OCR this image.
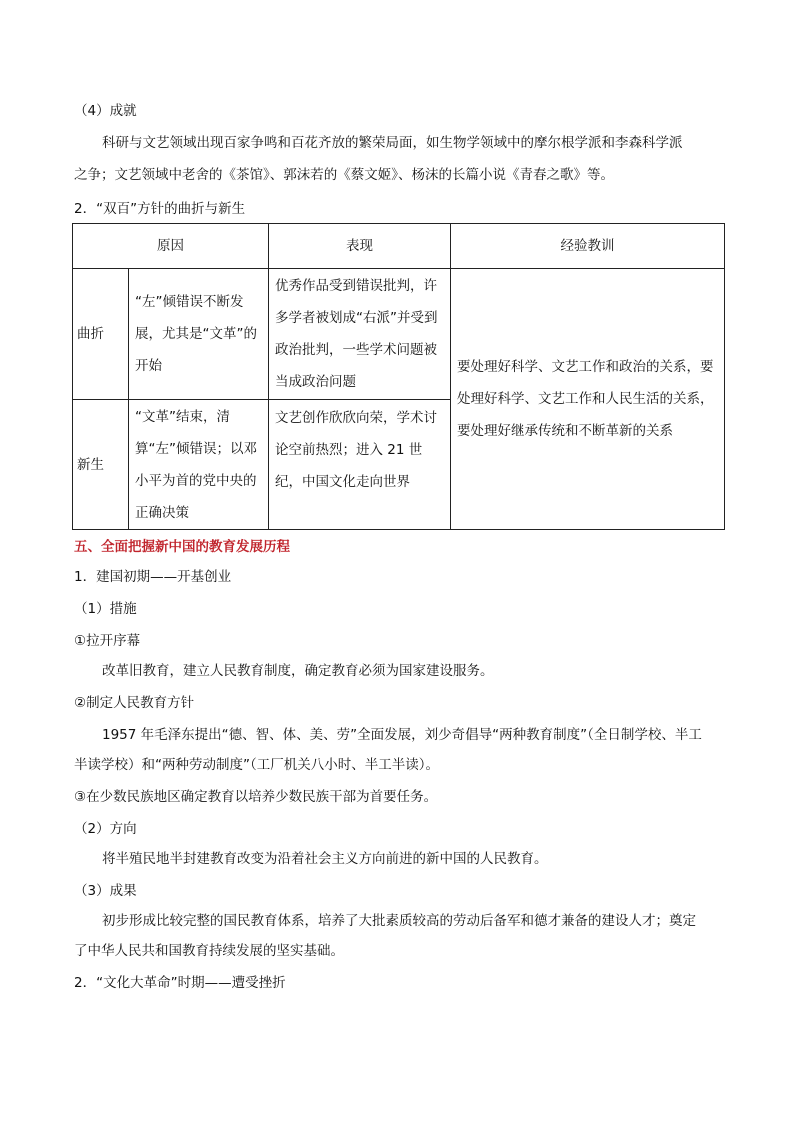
（4）成就
科研与文艺领域出现百家争鸣和百花齐放的繁荣局面，如生物学领域中的摩尔根学派和李森科学派
之争；文艺领域中老舍的《茶馆》、郭沫若的《蔡文姬》、杨沫的长篇小说《青春之歌》等。
2．“双百”方针的曲折与新生
原因		表现	经验教训
曲折	“左”倾错误不断发展，尤其是“文革”的开始	优秀作品受到错误批判，许多学者被划成“右派”并受到政治批判，一些学术问题被当成政治问题	要处理好科学、文艺工作和政治的关系，要处理好科学、文艺工作和人民生活的关系，要处理好继承传统和不断革新的关系
新生	“文革”结束，清算“左”倾错误；以邓小平为首的党中央的正确决策	文艺创作欣欣向荣，学术讨论空前热烈；进入 21 世纪，中国文化走向世界	
五、全面把握新中国的教育发展历程
1．建国初期——开基创业
（1）措施
①拉开序幕
改革旧教育，建立人民教育制度，确定教育必须为国家建设服务。
②制定人民教育方针
1957 年毛泽东提出“德、智、体、美、劳”全面发展，刘少奇倡导“两种教育制度”（全日制学校、半工
半读学校）和“两种劳动制度”（工厂机关八小时、半工半读）。
③在少数民族地区确定教育以培养少数民族干部为首要任务。
（2）方向
将半殖民地半封建教育改变为沿着社会主义方向前进的新中国的人民教育。
（3）成果
初步形成比较完整的国民教育体系，培养了大批素质较高的劳动后备军和德才兼备的建设人才；奠定
了中华人民共和国教育持续发展的坚实基础。
2．“文化大革命”时期——遭受挫折
